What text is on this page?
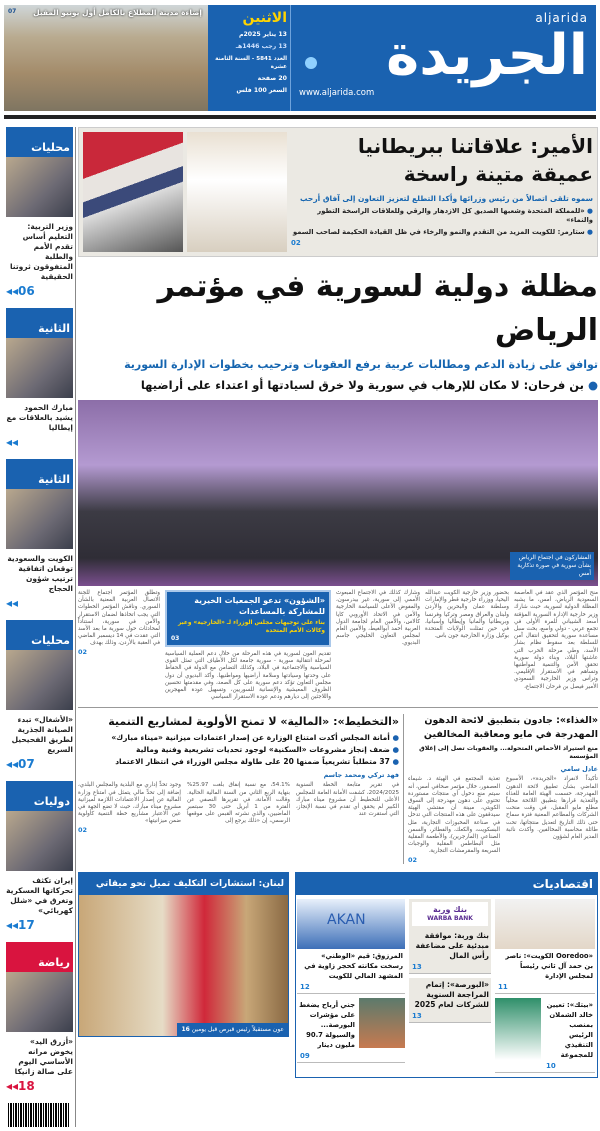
aljarida
الجريدة
www.aljarida.com
الاثنين
13 يناير 2025م
13 رجب 1446هـ
العدد 5841 - السنة الثامنة عشرة
20 صفحة
السعر 100 فلس
إضاءة مدينة المطلاع بالكامل أول يونيو المقبل
07
الأمير: علاقاتنا ببريطانيا
عميقة متينة راسخة
سموه تلقى اتصالاً من رئيس وزرائها وأكدا التطلع لتعزيز التعاون إلى آفاق أرحب
● «للمملكة المتحدة وشعبها الصديق كل الازدهار والرقي وللعلاقات الراسخة التطور والنماء»
● ستارمر: للكويت المزيد من التقدم والنمو والرخاء في ظل القيادة الحكيمة لصاحب السمو
02
مظلة دولية لسورية في مؤتمر الرياض
توافق على زيادة الدعم ومطالبات عربية برفع العقوبات وترحيب بخطوات الإدارة السورية
● بن فرحان: لا مكان للإرهاب في سورية ولا خرق لسيادتها أو اعتداء على أراضيها
المشاركون في اجتماع الرياض بشأن سورية في صورة تذكارية أمس
منح المؤتمر الذي عقد في العاصمة السعودية الرياض، أمس، ما يشبه المظلة الدولية لسورية، حيث شارك وزير خارجية الإدارة السورية المؤقتة أسعد الشيباني للمرة الأولى في تجمع عربي - دولي واسع، بحث سبل مساعدة سورية لتحقيق انتقال آمن للسلطة بعد سقوط نظام بشار الأسد، وطي مرحلة الحرب التي عاشتها البلاد، وبناء دولة سورية تحقق الأمن والتنمية لمواطنيها وتساهم في الاستقرار الإقليمي. وترأس وزير الخارجية السعودي الأمير فيصل بن فرحان الاجتماع،
بحضور وزير خارجية الكويت عبدالله اليحيا، ووزراء خارجية قطر والإمارات وسلطنة عمان والبحرين والأردن ولبنان والعراق ومصر وتركيا وفرنسا وبريطانيا وألمانيا وإيطاليا وإسبانيا، في حين تمثلت الولايات المتحدة بوكيل وزارة الخارجية جون باس.
وشارك كذلك في الاجتماع المبعوث الأممي إلى سورية، غير بيدرسون، والمفوض الأعلى للسياسة الخارجية والأمن في الاتحاد الأوروبي كايا كالاس، والأمين العام لجامعة الدول العربية أحمد أبوالغيط، والأمين العام لمجلس التعاون الخليجي جاسم البديوي.
«الشؤون» تدعو الجمعيات الخيرية للمشاركة بالمساعدات
بناء على توجيهات مجلس الوزراء لـ «الخارجية» وعبر وكالات الأمم المتحدة
03
تقديم العون لسورية في هذه المرحلة من خلال دعم العملية السياسية لمرحلة انتقالية سورية - سورية جامعة لكل الأطياف التي تمثل القوى السياسية والاجتماعية في البلاد، وكذلك التضامن مع الدولة في الحفاظ على وحدتها وسيادتها وسلامة أراضيها ومواطنيها. وأكد البديوي أن دول مجلس التعاون تؤكد دعم سورية على كل الصعد، وفي مقدمتها تحسين الظروف المعيشية والإنسانية للسوريين، وتسهيل عودة المهجرين واللاجئين إلى ديارهم ودعم عودة الاستقرار السياسي
وتطلق المؤتمر اجتماع للجنة الاتصال العربية المعنية بالشأن السوري. وناقش المؤتمر الخطوات التي يجب اتخاذها لضمان الاستقرار والأمن في سورية، استناداً لمحادثات حول سورية ما بعد الأسد التي عقدت في 14 ديسمبر الماضي في العقبة بالأردن، وذلك بهدف
02
«الغذاء»: جادون بتطبيق لائحة الدهون
المهدرجة في مايو ومعاقبة المخالفين
منع استيراد الأحماض المتحولة... والعقوبات تصل إلى إغلاق المؤسسة
عادل سامي
تأكيداً لانفراد «الجريدة»، الأسبوع الماضي بشأن تطبيق لائحة الدهون المهدرجة، حسمت الهيئة العامة للغذاء والتغذية قرارها بتطبيق اللائحة محلياً مطلع مايو المقبل، في وقت منحت الشركات والمطاعم المعنية فترة سماح حتى ذلك التاريخ لتعديل منتجاتها، تحت طائلة محاسبة المخالفين. وأكدت نائبة المدير العام لشؤون
تغذية المجتمع في الهيئة د. شيماء العصفور، خلال مؤتمر صحافي أمس، أنه سيتم منع دخول أي منتجات مستوردة تحتوي على دهون مهدرجة إلى السوق الكويتي، مبينة أن مفتشي الهيئة سيدققون على هذه المنتجات التي تدخل في صناعة المخبوزات التجارية، مثل البسكويت، والكعك، والفطائر، والسمن الصناعي (المارجرين)، والأطعمة المقلية مثل البطاطس المقلية والوجبات السريعة والمقرمشات التجارية.
02
«التخطيط»: «المالية» لا تمنح الأولوية لمشاريع التنمية
● أمانة المجلس أكدت امتناع الوزارة عن إصدار اعتمادات ميزانية «ميناء مبارك»
● ضعف إنجاز مشروعات «السكنية» لوجود تحديات تشريعية وفنية ومالية
● 37 متطلباً تشريعياً ضمنها 20 على طاولة مجلس الوزراء في انتظار الاعتماد
فهد تركي ومحمد جاسم
في تقرير متابعة الخطة السنوية 2024/2025، كشفت الأمانة العامة للمجلس الأعلى للتخطيط أن مشروع ميناء مبارك الكبير لم يحقق أي تقدم في نسبة الإنجاز، التي استقرت عند
54.1%، مع نسبة إنفاق بلغت 25.97% بنهاية الربع الثاني من السنة المالية الحالية. وقالت الأمانة، في تقريرها النصفي عن الفترة من 1 أبريل حتى 30 سبتمبر الماضيين، والذي نشرته القبس على موقعها الرسمي، إن «ذلك يرجع إلى
وجود تحدٍّ إداري مع البلدية والمجلس البلدي، إضافة إلى تحدٍّ مالي يتمثل في امتناع وزارة المالية عن إصدار الاعتمادات اللازمة لميزانية مشروع ميناء مبارك، حيث لا تضع الجهة في عين الاعتبار مشاريع خطة التنمية كأولوية ضمن ميزانيتها»
02
اقتصاديات
«Ooredoo الكويت»: ناصر بن حمد آل ثاني رئيساً لمجلس الإدارة
11
«بيتك»: تعيين خالد الشملان بمنصب الرئيس التنفيذي للمجموعة
10
بنك وربة
WARBA BANK
بنك وربة: موافقة مبدئية على مضاعفة رأس المال
13
«البورصة»: إتمام المراجعة السنوية للشركات لعام 2025
13
AKAN
المرزوق: قيم «الوطني» رسخت مكانته كحجر زاوية في المشهد المالي للكويت
12
جني أرباح يضغط على مؤشرات البورصة... والسيولة 90.7 مليون دينار
09
لبنان: استشارات التكليف تميل نحو ميقاتي
عون مستقبلاً رئيس قبرص قبل يومين 16
محليات
وزير التربية: التعليم أساس تقدم الأمم والطلبة المتفوقون ثروتنا الحقيقية
◂◂06
الثانية
مبارك الحمود يشيد بالعلاقات مع إيطاليا
◂◂
الثانية
الكويت والسعودية توقعان اتفاقية ترتيب شؤون الحجاج
◂◂
محليات
«الأشغال» تبدء الصيانة الجذرية لطريق الفحيحيل السريع
◂◂07
دوليات
إيران تكثف تحركاتها العسكرية وتغرق في «شلل كهربائي»
◂◂17
رياضة
«أزرق اليد» يخوض مرانه الأساسي اليوم على صالة زانيكا
◂◂18
